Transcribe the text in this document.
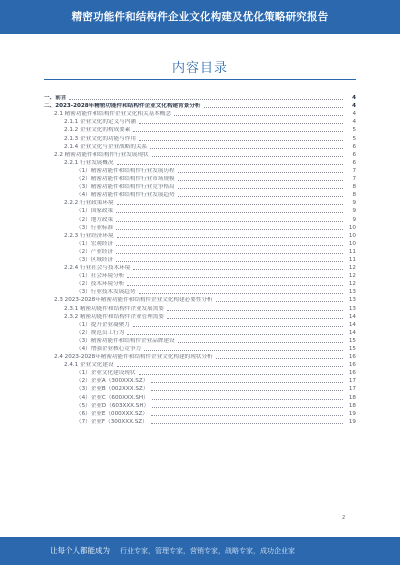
精密功能件和结构件企业文化构建及优化策略研究报告
内容目录
一、前言	4
二、2023-2028年精密功能件和结构件企业文化构建背景分析	4
2.1 精密功能件和结构件企业文化相关基本概念	4
2.1.1 企业文化的定义与内涵	4
2.1.2 企业文化的构成要素	5
2.1.3 企业文化的功能与作用	5
2.1.4 企业文化与企业战略的关系	6
2.2 精密功能件和结构件行业发展现状	6
2.2.1 行业发展概况	6
（1）精密功能件和结构件行业发展历程	7
（2）精密功能件和结构件行业市场规模	7
（3）精密功能件和结构件行业竞争格局	8
（4）精密功能件和结构件行业发展趋势	8
2.2.2 行业政策环境	9
（1）国家政策	9
（2）地方政策	9
（3）行业标准	10
2.2.3 行业经济环境	10
（1）宏观经济	10
（2）产业经济	11
（3）区域经济	11
2.2.4 行业社会与技术环境	12
（1）社会环境分析	12
（2）技术环境分析	12
（3）行业技术发展趋势	13
2.3 2023-2028年精密功能件和结构件企业文化构建必要性分析	13
2.3.1 精密功能件和结构件企业发展需要	13
2.3.2 精密功能件和结构件企业管理需要	14
（1）提升企业凝聚力	14
（2）规范员工行为	14
（3）精密功能件和结构件企业品牌建设	15
（4）增强企业核心竞争力	15
2.4 2023-2028年精密功能件和结构件企业文化构建的现状分析	16
2.4.1 企业文化建设	16
（1）企业文化建设现状	16
（2）企业A（300XXX.SZ）	17
（3）企业B（002XXX.SZ）	17
（4）企业C（600XXX.SH）	18
（5）企业D（603XXX.SH）	18
（6）企业E（000XXX.SZ）	19
（7）企业F（300XXX.SZ）	19
2
让每个人都能成为 行业专家，管理专家，营销专家，战略专家，成功企业家
